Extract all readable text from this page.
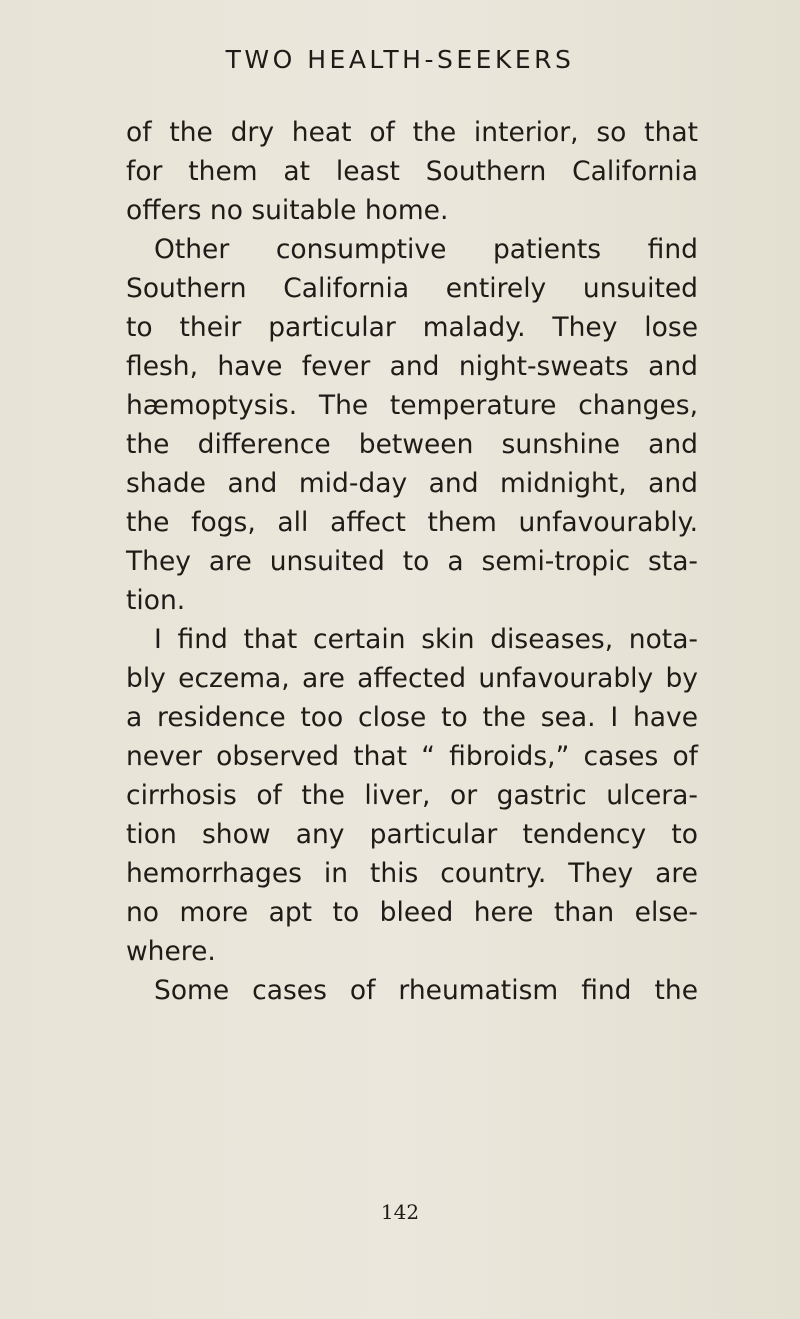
TWO HEALTH-SEEKERS
of the dry heat of the interior, so that
for them at least Southern California
offers no suitable home.
Other consumptive patients find
Southern California entirely unsuited
to their particular malady. They lose
flesh, have fever and night-sweats and
hæmoptysis. The temperature changes,
the difference between sunshine and
shade and mid-day and midnight, and
the fogs, all affect them unfavourably.
They are unsuited to a semi-tropic sta-
tion.
I find that certain skin diseases, nota-
bly eczema, are affected unfavourably by
a residence too close to the sea. I have
never observed that “ fibroids,” cases of
cirrhosis of the liver, or gastric ulcera-
tion show any particular tendency to
hemorrhages in this country. They are
no more apt to bleed here than else-
where.
Some cases of rheumatism find the
142
